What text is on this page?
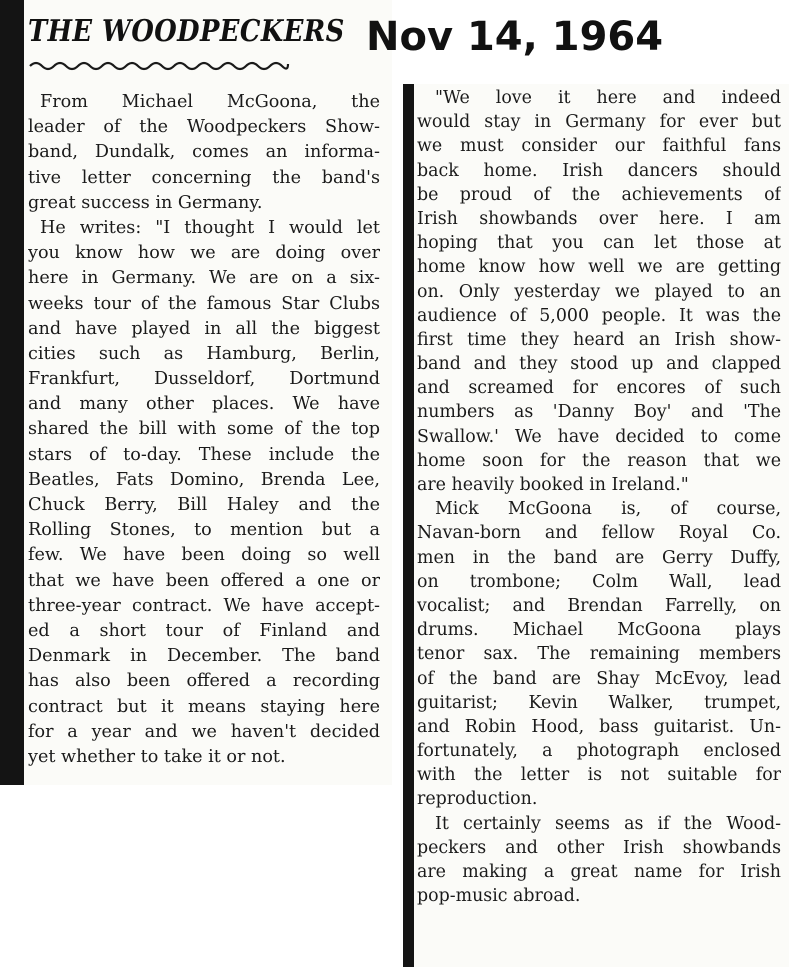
THE WOODPECKERS Nov 14, 1964
From Michael McGoona, the
leader of the Woodpeckers Show-
band, Dundalk, comes an informa-
tive letter concerning the band's
great success in Germany.
He writes: "I thought I would let
you know how we are doing over
here in Germany. We are on a six-
weeks tour of the famous Star Clubs
and have played in all the biggest
cities such as Hamburg, Berlin,
Frankfurt, Dusseldorf, Dortmund
and many other places. We have
shared the bill with some of the top
stars of to-day. These include the
Beatles, Fats Domino, Brenda Lee,
Chuck Berry, Bill Haley and the
Rolling Stones, to mention but a
few. We have been doing so well
that we have been offered a one or
three-year contract. We have accept-
ed a short tour of Finland and
Denmark in December. The band
has also been offered a recording
contract but it means staying here
for a year and we haven't decided
yet whether to take it or not.
"We love it here and indeed
would stay in Germany for ever but
we must consider our faithful fans
back home. Irish dancers should
be proud of the achievements of
Irish showbands over here. I am
hoping that you can let those at
home know how well we are getting
on. Only yesterday we played to an
audience of 5,000 people. It was the
first time they heard an Irish show-
band and they stood up and clapped
and screamed for encores of such
numbers as 'Danny Boy' and 'The
Swallow.' We have decided to come
home soon for the reason that we
are heavily booked in Ireland."
Mick McGoona is, of course,
Navan-born and fellow Royal Co.
men in the band are Gerry Duffy,
on trombone; Colm Wall, lead
vocalist; and Brendan Farrelly, on
drums. Michael McGoona plays
tenor sax. The remaining members
of the band are Shay McEvoy, lead
guitarist; Kevin Walker, trumpet,
and Robin Hood, bass guitarist. Un-
fortunately, a photograph enclosed
with the letter is not suitable for
reproduction.
It certainly seems as if the Wood-
peckers and other Irish showbands
are making a great name for Irish
pop-music abroad.
